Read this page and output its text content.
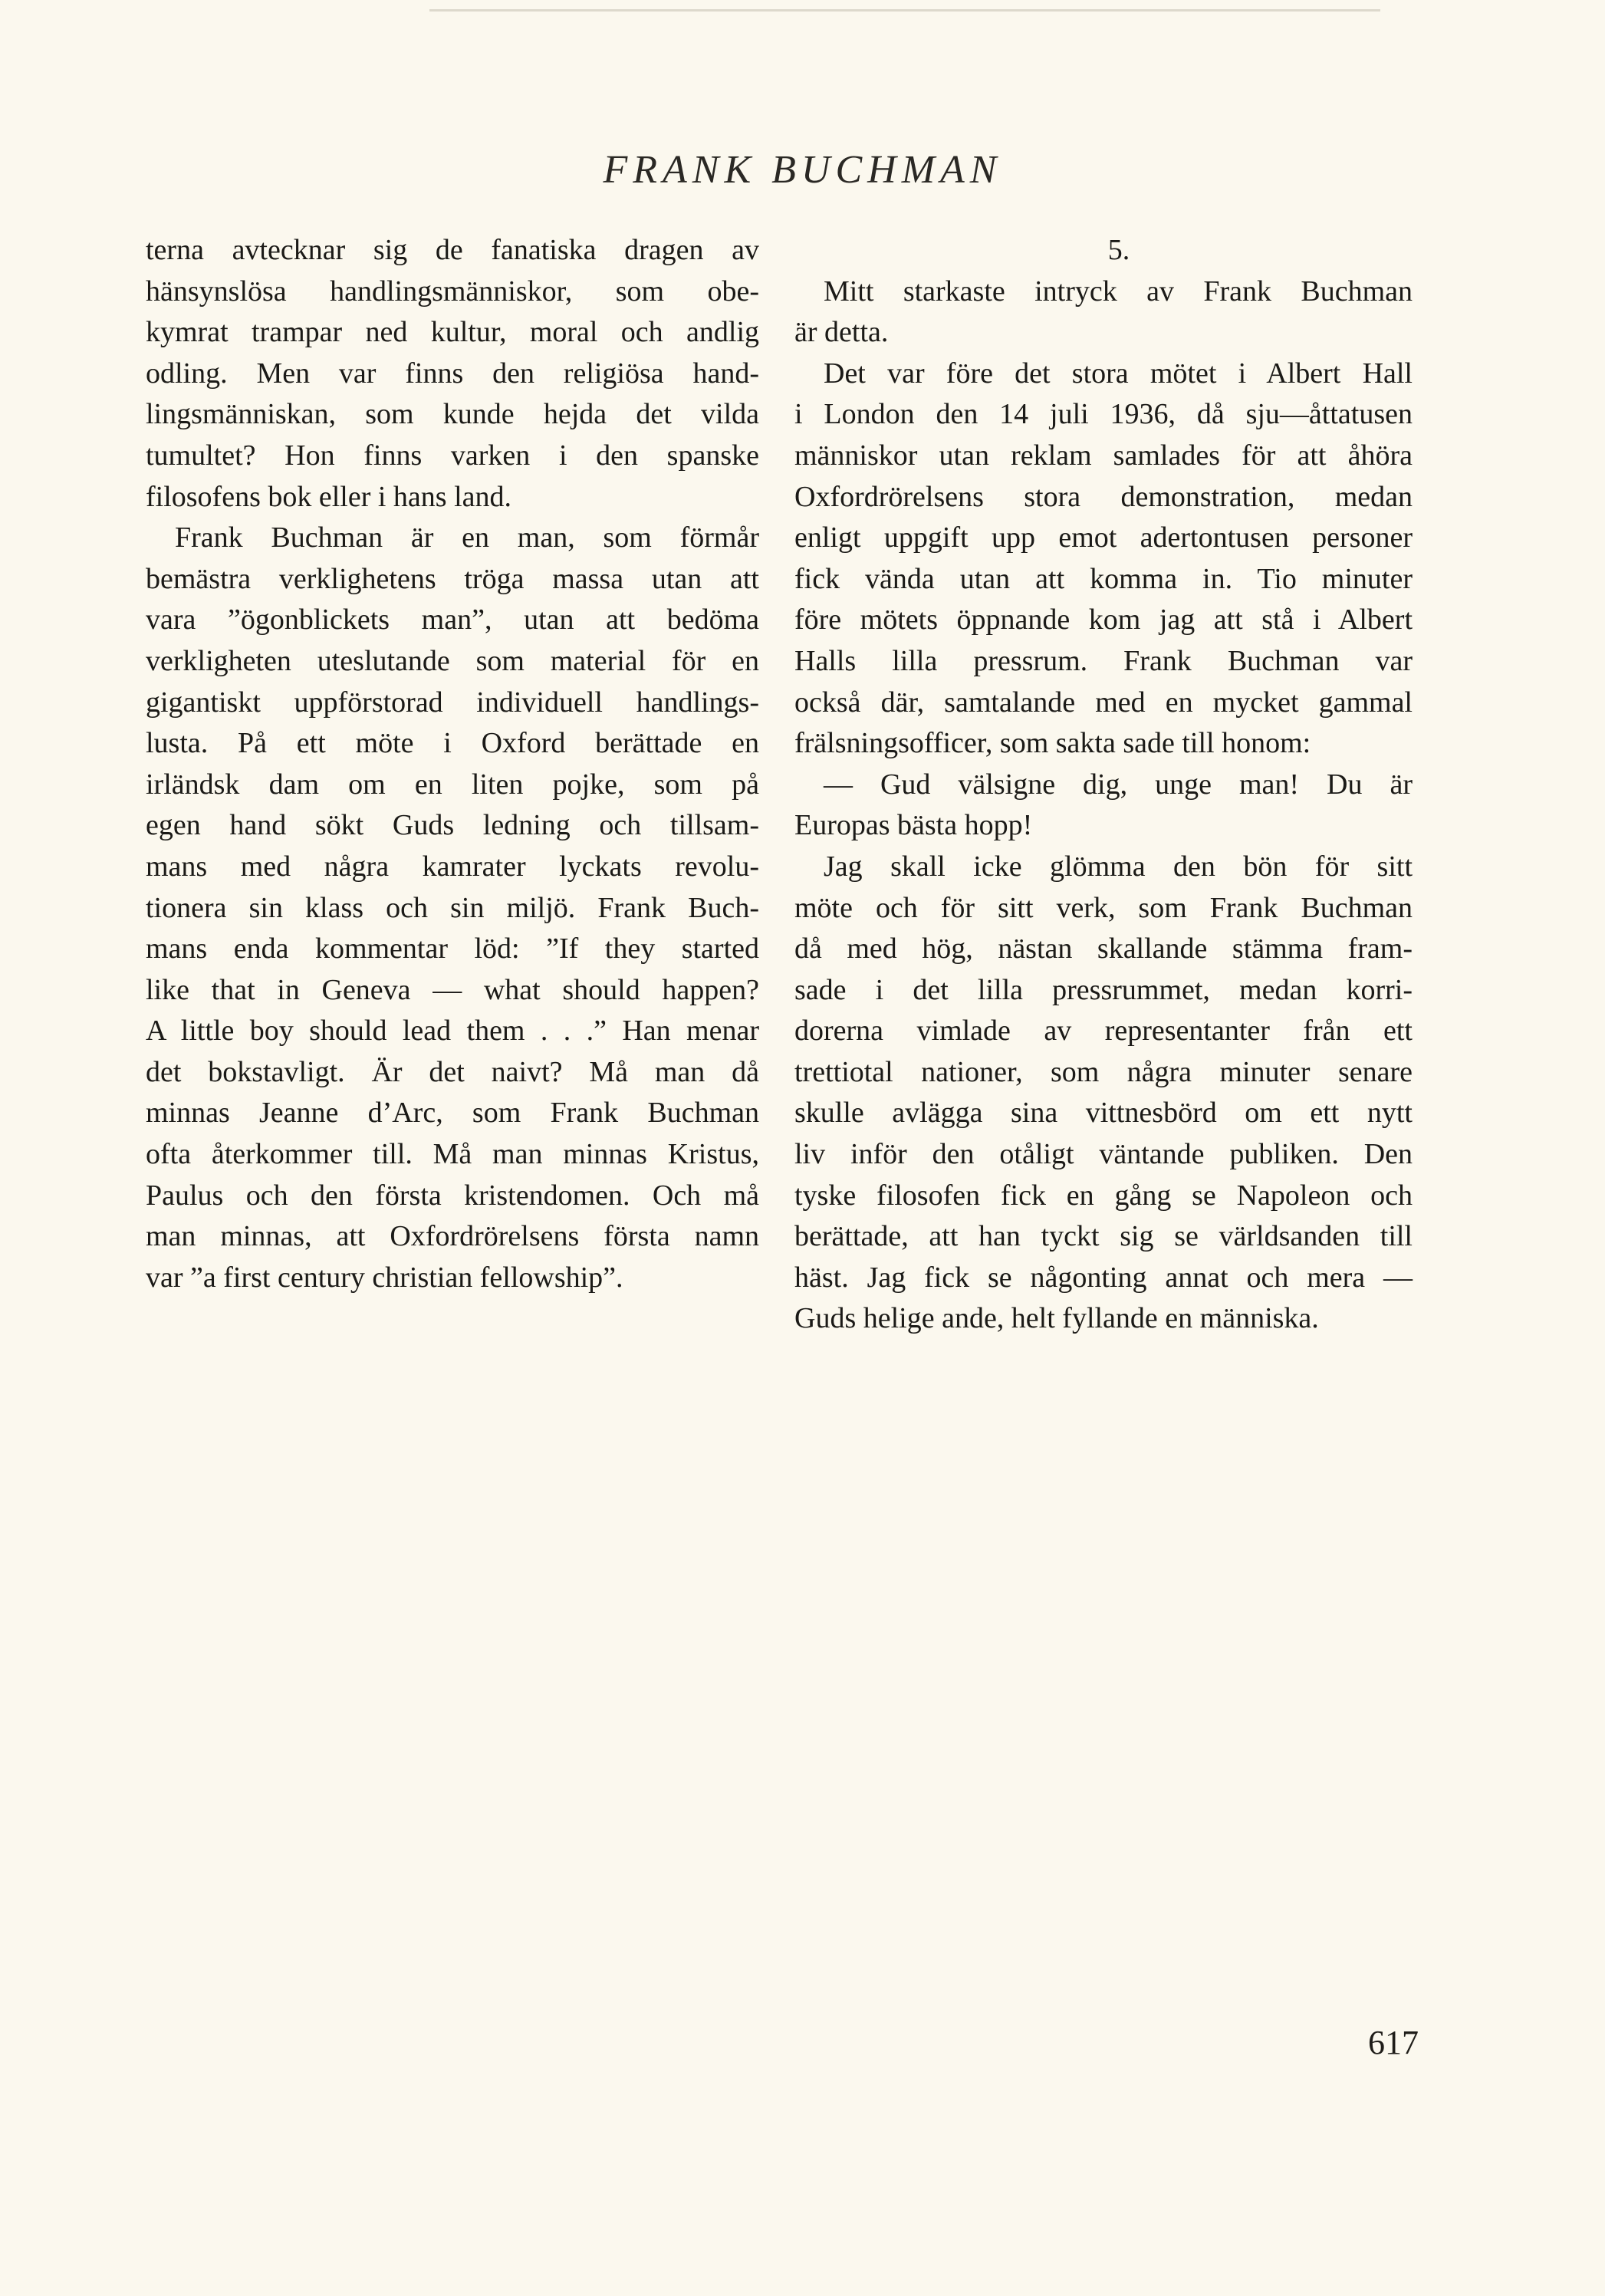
FRANK BUCHMAN
terna avtecknar sig de fanatiska dragen av
hänsynslösa handlingsmänniskor, som obe-
kymrat trampar ned kultur, moral och andlig
odling. Men var finns den religiösa hand-
lingsmänniskan, som kunde hejda det vilda
tumultet? Hon finns varken i den spanske
filosofens bok eller i hans land.
Frank Buchman är en man, som förmår
bemästra verklighetens tröga massa utan att
vara ”ögonblickets man”, utan att bedöma
verkligheten uteslutande som material för en
gigantiskt uppförstorad individuell handlings-
lusta. På ett möte i Oxford berättade en
irländsk dam om en liten pojke, som på
egen hand sökt Guds ledning och tillsam-
mans med några kamrater lyckats revolu-
tionera sin klass och sin miljö. Frank Buch-
mans enda kommentar löd: ”If they started
like that in Geneva — what should happen?
A little boy should lead them . . .” Han menar
det bokstavligt. Är det naivt? Må man då
minnas Jeanne d’Arc, som Frank Buchman
ofta återkommer till. Må man minnas Kristus,
Paulus och den första kristendomen. Och må
man minnas, att Oxfordrörelsens första namn
var ”a first century christian fellowship”.
5.
Mitt starkaste intryck av Frank Buchman
är detta.
Det var före det stora mötet i Albert Hall
i London den 14 juli 1936, då sju—åttatusen
människor utan reklam samlades för att åhöra
Oxfordrörelsens stora demonstration, medan
enligt uppgift upp emot adertontusen personer
fick vända utan att komma in. Tio minuter
före mötets öppnande kom jag att stå i Albert
Halls lilla pressrum. Frank Buchman var
också där, samtalande med en mycket gammal
frälsningsofficer, som sakta sade till honom:
— Gud välsigne dig, unge man! Du är
Europas bästa hopp!
Jag skall icke glömma den bön för sitt
möte och för sitt verk, som Frank Buchman
då med hög, nästan skallande stämma fram-
sade i det lilla pressrummet, medan korri-
dorerna vimlade av representanter från ett
trettiotal nationer, som några minuter senare
skulle avlägga sina vittnesbörd om ett nytt
liv inför den otåligt väntande publiken. Den
tyske filosofen fick en gång se Napoleon och
berättade, att han tyckt sig se världsanden till
häst. Jag fick se någonting annat och mera —
Guds helige ande, helt fyllande en människa.
617
